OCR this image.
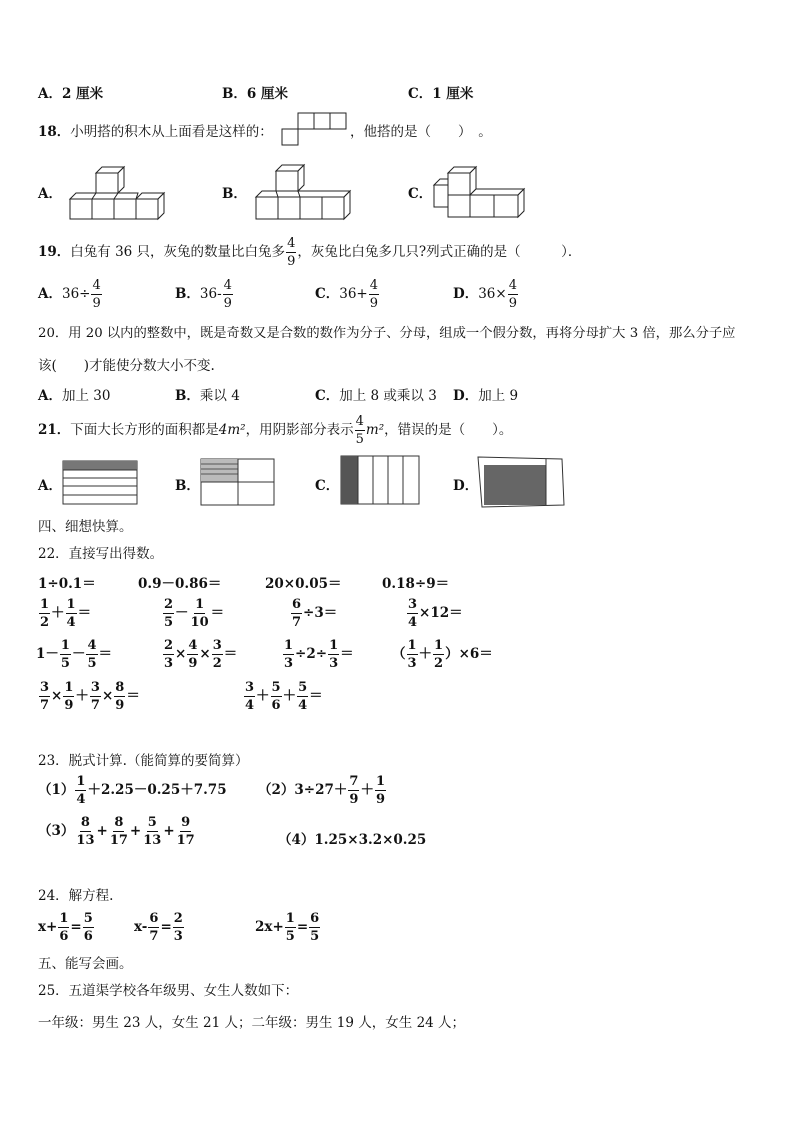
A．2 厘米	B．6 厘米	C．1 厘米
18．小明搭的积木从上面看是这样的：	，他搭的是（　　）　。
A．	B．	C．
19．白兔有 36 只，灰兔的数量比白兔多 $\frac{4}{9}$ ，灰兔比白兔多几只?列式正确的是（　　　）．
A．$36\div \frac{4}{9}$	B．$36- \frac{4}{9}$	C．$36+ \frac{4}{9}$	D．$36\times \frac{4}{9}$
20．用 20 以内的整数中，既是奇数又是合数的数作为分子、分母，组成一个假分数，再将分母扩大 3 倍，那么分子应
该(　　)才能使分数大小不变.
A．加上 30	B．乘以 4	C．加上 8 或乘以 3 D．加上 9
21．下面大长方形的面积都是4m²，用阴影部分表示 $\frac{4}{5} m^2$，错误的是（　　）。
A．	B．	C．	D．
四、细想快算。
22．直接写出得数。
1÷0.1＝	0.9－0.86＝	20×0.05＝	0.18÷9＝
$\frac{1}{2} + \frac{1}{4}$ ＝	$\frac{2}{5} - \frac{1}{10}$ ＝	$\frac{6}{7} \div 3=$	$\frac{3}{4} \times 12=$
$1- \frac{1}{5} - \frac{4}{5}$ ＝	$\frac{2}{3} \times \frac{4}{9} \times \frac{3}{2}$ ＝	$\frac{1}{3} \div 2\div \frac{1}{3}$ ＝	（ $\frac{1}{3} + \frac{1}{2} )\times 6=$
$\frac{3}{7} \times \frac{1}{9} + \frac{3}{7} \times \frac{8}{9}$ ＝	$\frac{3}{4} + \frac{5}{6} + \frac{5}{4}$ ＝
23．脱式计算.（能简算的要简算）
$(1) \frac{1}{4} +2.25-0.25+7.75$ $(2)3\div 27+ \frac{7}{9} + \frac{1}{9}$
$(3) \frac{8}{13} + \frac{8}{17} + \frac{5}{13} + \frac{9}{17}$	（4）1.25×3.2×0.25
24．解方程.
$x+ \frac{1}{6} = \frac{5}{6}$	$x- \frac{6}{7} = \frac{2}{3}$	$2x+ \frac{1}{5} = \frac{6}{5}$
五、能写会画。
25．五道渠学校各年级男、女生人数如下：
一年级：男生 23 人，女生 21 人；二年级：男生 19 人，女生 24 人；
